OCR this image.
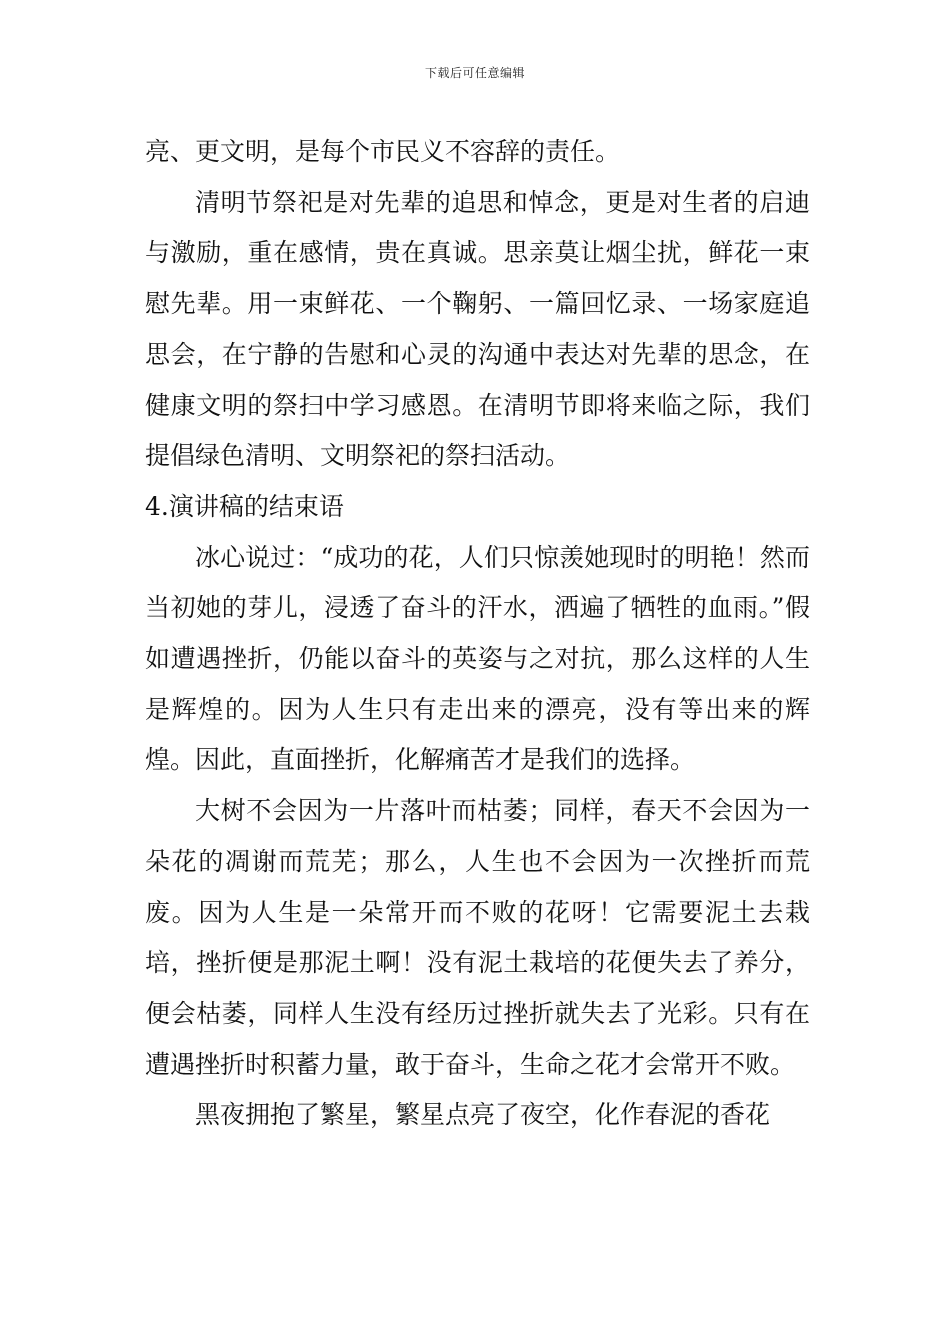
下载后可任意编辑

亮、更文明，是每个市民义不容辞的责任。

清明节祭祀是对先辈的追思和悼念，更是对生者的启迪与激励，重在感情，贵在真诚。思亲莫让烟尘扰，鲜花一束慰先辈。用一束鲜花、一个鞠躬、一篇回忆录、一场家庭追思会，在宁静的告慰和心灵的沟通中表达对先辈的思念，在健康文明的祭扫中学习感恩。在清明节即将来临之际，我们提倡绿色清明、文明祭祀的祭扫活动。

4.演讲稿的结束语

冰心说过：“成功的花，人们只惊羡她现时的明艳！然而当初她的芽儿，浸透了奋斗的汗水，洒遍了牺牲的血雨。”假如遭遇挫折，仍能以奋斗的英姿与之对抗，那么这样的人生是辉煌的。因为人生只有走出来的漂亮，没有等出来的辉煌。因此，直面挫折，化解痛苦才是我们的选择。

大树不会因为一片落叶而枯萎；同样，春天不会因为一朵花的凋谢而荒芜；那么，人生也不会因为一次挫折而荒废。因为人生是一朵常开而不败的花呀！它需要泥土去栽培，挫折便是那泥土啊！没有泥土栽培的花便失去了养分，便会枯萎，同样人生没有经历过挫折就失去了光彩。只有在遭遇挫折时积蓄力量，敢于奋斗，生命之花才会常开不败。

黑夜拥抱了繁星，繁星点亮了夜空，化作春泥的香花
